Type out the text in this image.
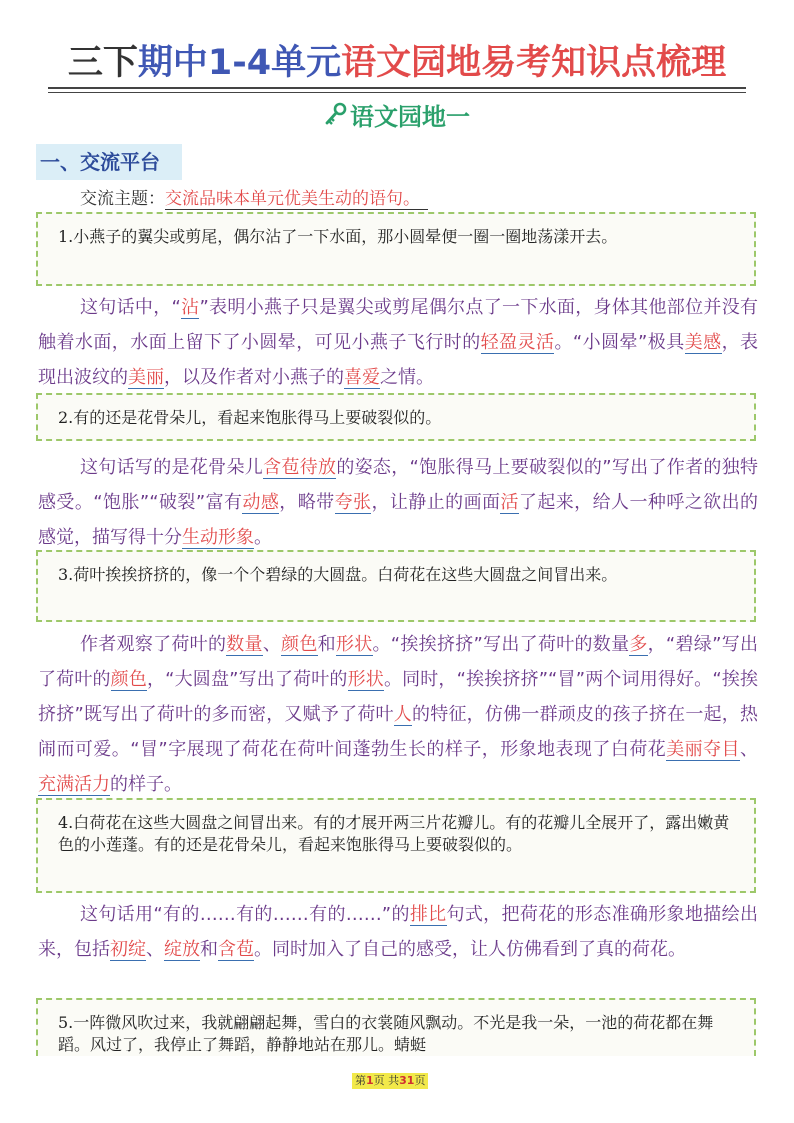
三下期中1-4单元语文园地易考知识点梳理
语文园地一
一、交流平台
交流主题：交流品味本单元优美生动的语句。
1.小燕子的翼尖或剪尾，偶尔沾了一下水面，那小圆晕便一圈一圈地荡漾开去。
这句话中，“沾”表明小燕子只是翼尖或剪尾偶尔点了一下水面，身体其他部位并没有触着水面，水面上留下了小圆晕，可见小燕子飞行时的轻盈灵活。“小圆晕”极具美感，表现出波纹的美丽，以及作者对小燕子的喜爱之情。
2.有的还是花骨朵儿，看起来饱胀得马上要破裂似的。
这句话写的是花骨朵儿含苞待放的姿态，“饱胀得马上要破裂似的”写出了作者的独特感受。“饱胀”“破裂”富有动感，略带夸张，让静止的画面活了起来，给人一种呼之欲出的感觉，描写得十分生动形象。
3.荷叶挨挨挤挤的，像一个个碧绿的大圆盘。白荷花在这些大圆盘之间冒出来。
作者观察了荷叶的数量、颜色和形状。“挨挨挤挤”写出了荷叶的数量多，“碧绿”写出了荷叶的颜色，“大圆盘”写出了荷叶的形状。同时，“挨挨挤挤”“冒”两个词用得好。“挨挨挤挤”既写出了荷叶的多而密，又赋予了荷叶人的特征，仿佛一群顽皮的孩子挤在一起，热闹而可爱。“冒”字展现了荷花在荷叶间蓬勃生长的样子，形象地表现了白荷花美丽夺目、充满活力的样子。
4.白荷花在这些大圆盘之间冒出来。有的才展开两三片花瓣儿。有的花瓣儿全展开了，露出嫩黄色的小莲蓬。有的还是花骨朵儿，看起来饱胀得马上要破裂似的。
这句话用“有的……有的……有的……”的排比句式，把荷花的形态准确形象地描绘出来，包括初绽、绽放和含苞。同时加入了自己的感受，让人仿佛看到了真的荷花。
5.一阵微风吹过来，我就翩翩起舞，雪白的衣裳随风飘动。不光是我一朵，一池的荷花都在舞蹈。风过了，我停止了舞蹈，静静地站在那儿。蜻蜓
第1页 共31页
